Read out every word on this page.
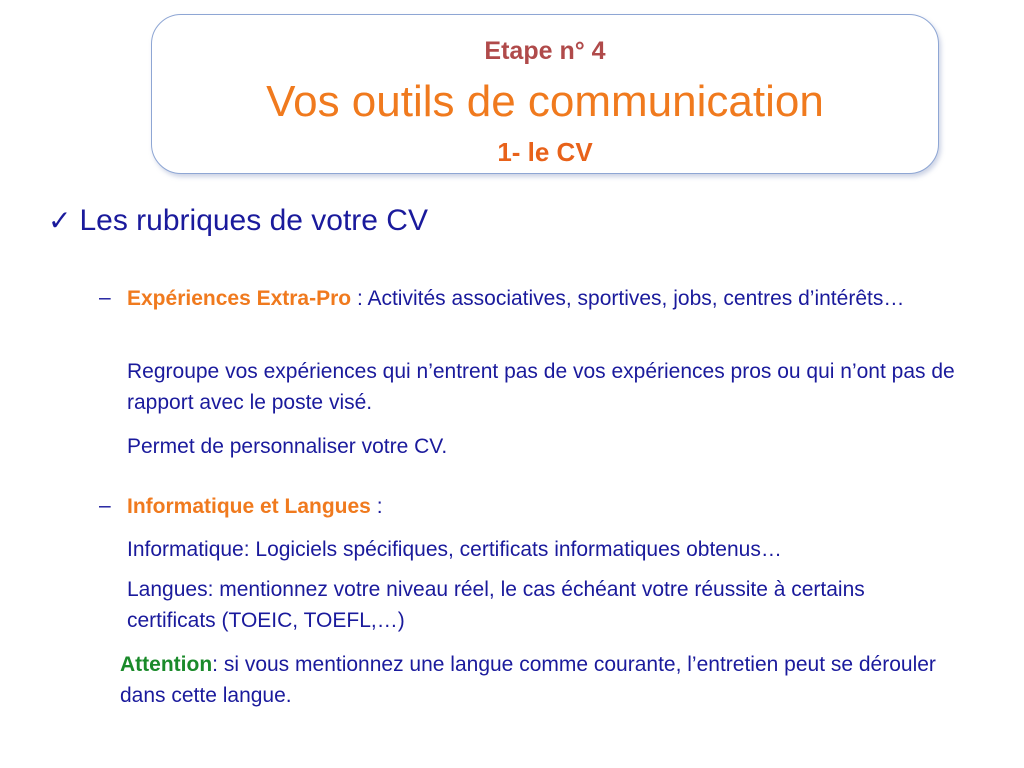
Etape n° 4
Vos outils de communication
1- le CV
✓ Les rubriques de votre CV
– Expériences Extra-Pro : Activités associatives, sportives, jobs, centres d’intérêts…
Regroupe vos expériences qui n’entrent pas de vos expériences pros ou qui n’ont pas de rapport avec le poste visé.
Permet de personnaliser votre CV.
– Informatique et Langues :
Informatique: Logiciels spécifiques, certificats informatiques obtenus…
Langues: mentionnez votre niveau réel, le cas échéant votre réussite à certains certificats (TOEIC, TOEFL,…)
Attention: si vous mentionnez une langue comme courante, l’entretien peut se dérouler dans cette langue.
